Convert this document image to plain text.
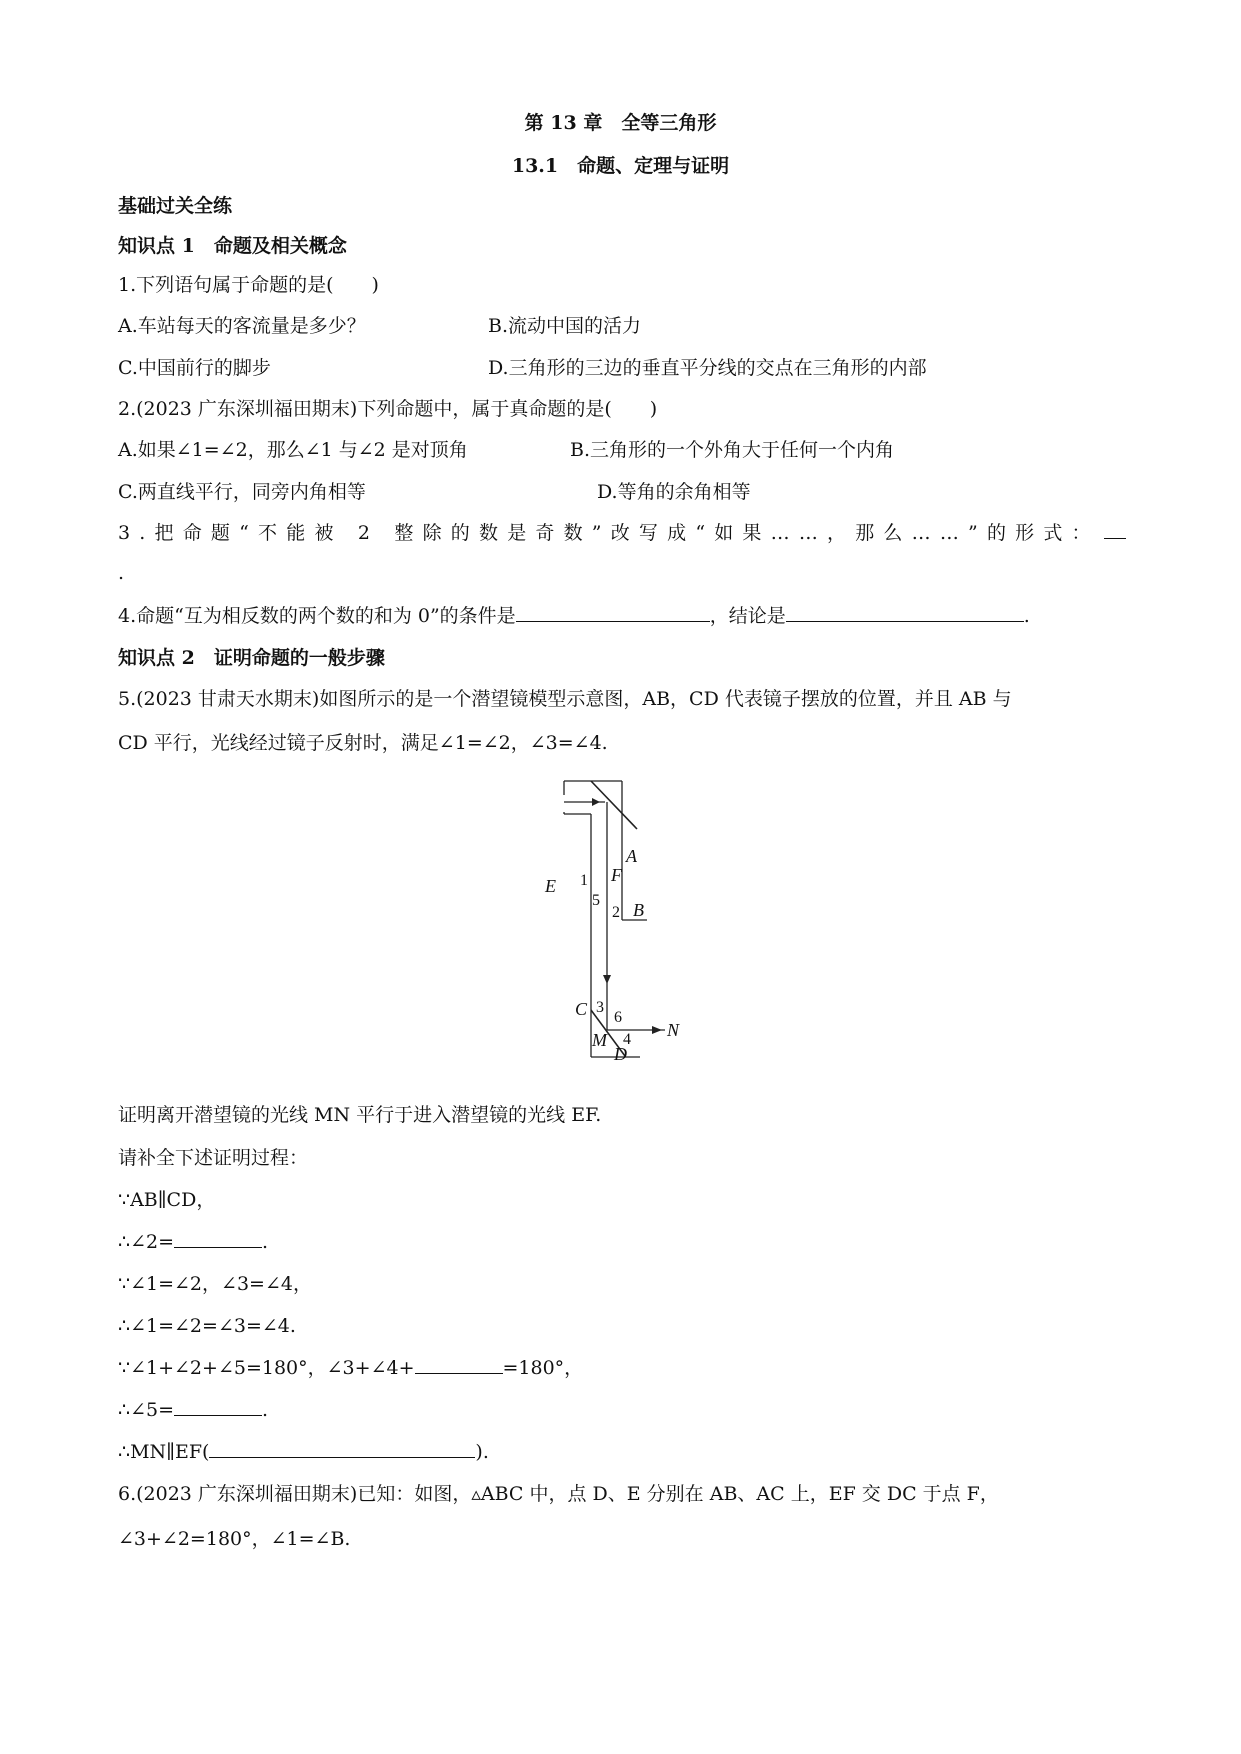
第 13 章　全等三角形
13.1　命题、定理与证明
基础过关全练
知识点 1　命题及相关概念
1.下列语句属于命题的是(　　)
A.车站每天的客流量是多少？	B.流动中国的活力
C.中国前行的脚步	D.三角形的三边的垂直平分线的交点在三角形的内部
2.(2023 广东深圳福田期末)下列命题中，属于真命题的是(　　)
A.如果∠1=∠2，那么∠1 与∠2 是对顶角	B.三角形的一个外角大于任何一个内角
C.两直线平行，同旁内角相等	D.等角的余角相等
3.把命题“不能被 2 整除的数是奇数”改写成“如果……，那么……”的形式：
.
4.命题“互为相反数的两个数的和为 0”的条件是	，结论是	.
知识点 2　证明命题的一般步骤
5.(2023 甘肃天水期末)如图所示的是一个潜望镜模型示意图，AB，CD 代表镜子摆放的位置，并且 AB 与
CD 平行，光线经过镜子反射时，满足∠1=∠2，∠3=∠4.
A
B
C
D
E
F
M	N
1
2
3
4
5
6
证明离开潜望镜的光线 MN 平行于进入潜望镜的光线 EF.
请补全下述证明过程：
∵AB∥CD，
∴∠2=	.
∵∠1=∠2，∠3=∠4，
∴∠1=∠2=∠3=∠4.
∵∠1+∠2+∠5=180°，∠3+∠4+	=180°，
∴∠5=	.
∴MN∥EF(	).
6.(2023 广东深圳福田期末)已知：如图，▵ABC 中，点 D、E 分别在 AB、AC 上，EF 交 DC 于点 F，
∠3+∠2=180°，∠1=∠B.
